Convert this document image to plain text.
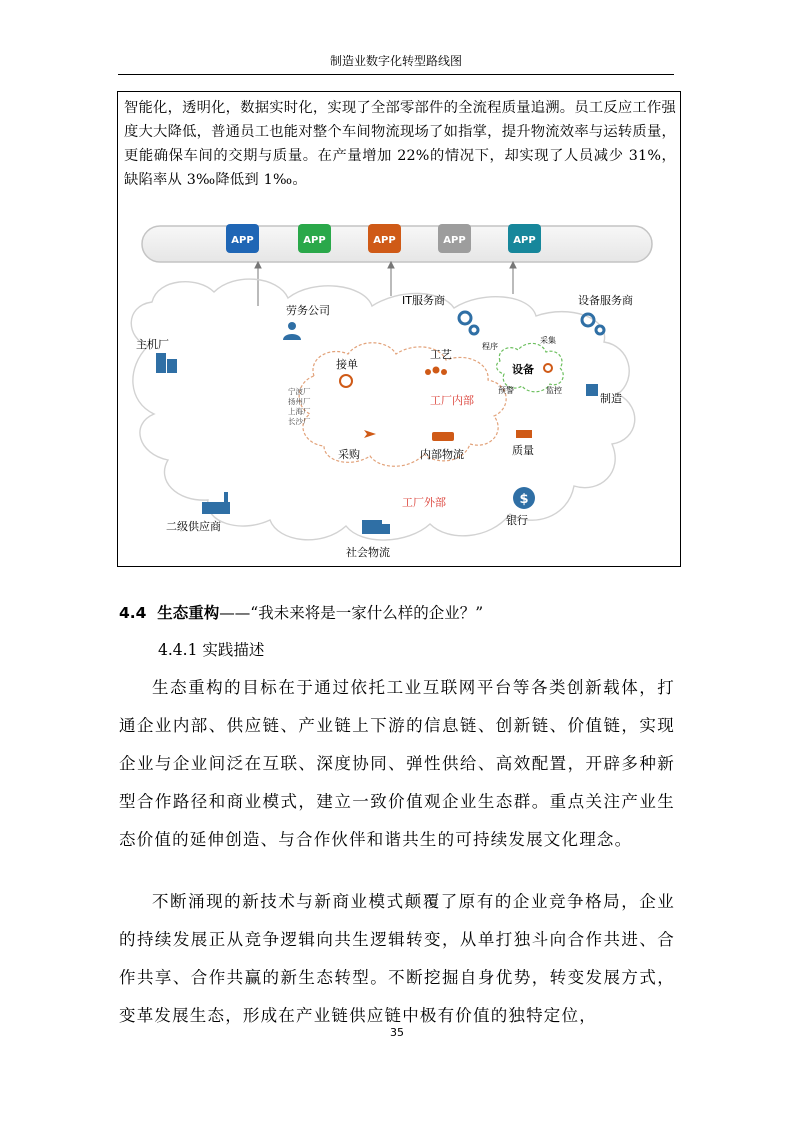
制造业数字化转型路线图

智能化，透明化，数据实时化，实现了全部零部件的全流程质量追溯。员工反应工作强度大大降低，普通员工也能对整个车间物流现场了如指掌，提升物流效率与运转质量，更能确保车间的交期与质量。在产量增加 22%的情况下，却实现了人员减少 31%，缺陷率从 3‰降低到 1‰。

APP	APP	APP	APP	APP
劳务公司
IT服务商	设备服务商
主机厂
接单
工艺
程序
采集
设备
预警	监控
宁波厂
扬州厂
上海厂
长沙厂
工厂内部	制造
采购	内部物流	质量
工厂外部	$
银行
二级供应商
社会物流
4.4 生态重构——“我未来将是一家什么样的企业？”
4.4.1 实践描述

生态重构的目标在于通过依托工业互联网平台等各类创新载体，打通企业内部、供应链、产业链上下游的信息链、创新链、价值链，实现企业与企业间泛在互联、深度协同、弹性供给、高效配置，开辟多种新型合作路径和商业模式，建立一致价值观企业生态群。重点关注产业生态价值的延伸创造、与合作伙伴和谐共生的可持续发展文化理念。

不断涌现的新技术与新商业模式颠覆了原有的企业竞争格局，企业的持续发展正从竞争逻辑向共生逻辑转变，从单打独斗向合作共进、合作共享、合作共赢的新生态转型。不断挖掘自身优势，转变发展方式，变革发展生态，形成在产业链供应链中极有价值的独特定位，

35
